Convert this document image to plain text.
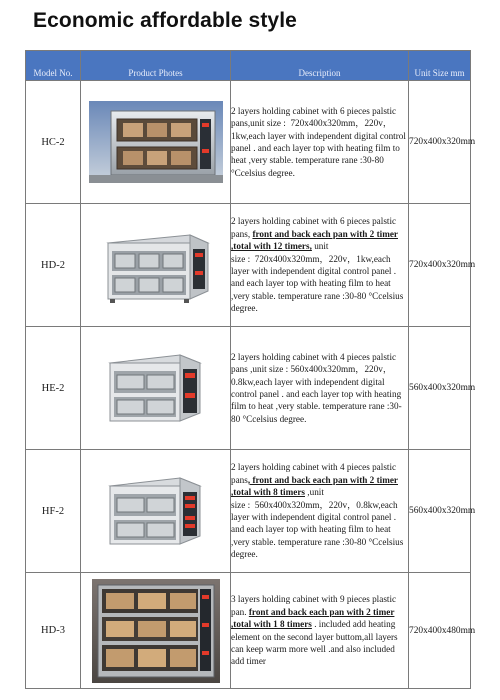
Economic affordable style
Model No.	Product Photes	Description	Unit Size mm
HC-2		2 layers holding cabinet with 6 pieces palstic pans,unit size :  720x400x320mm，220v，1kw,each layer with independent digital control panel . and each layer top with heating film to heat ,very stable. temperature rane :30-80 °Ccelsius degree.	720x400x320mm
HD-2		2 layers holding cabinet with 6 pieces palstic pans, front and back each pan with 2 timer ,total with 12 timers, unit size :  720x400x320mm，220v，1kw,each layer with independent digital control panel . and each layer top with heating film to heat ,very stable. temperature rane :30-80 °Ccelsius degree.	720x400x320mm
HE-2		2 layers holding cabinet with 4 pieces palstic pans ,unit size : 560x400x320mm，220v，0.8kw,each layer with independent digital control panel . and each layer top with heating film to heat ,very stable. temperature rane :30-80 °Ccelsius degree.	560x400x320mm
HF-2		2 layers holding cabinet with 4 pieces palstic pans, front and back each pan with 2 timer ,total with 8 timers ,unit size :  560x400x320mm，220v，0.8kw,each layer with independent digital control panel . and each layer top with heating film to heat ,very stable. temperature rane :30-80 °Ccelsius degree.	560x400x320mm
HD-3		3 layers holding cabinet with 9 pieces plastic pan. front and back each pan with 2 timer ,total with 1 8 timers . included add heating element on the second layer buttom,all layers can keep warm more well .and also included add timer	720x400x480mm
